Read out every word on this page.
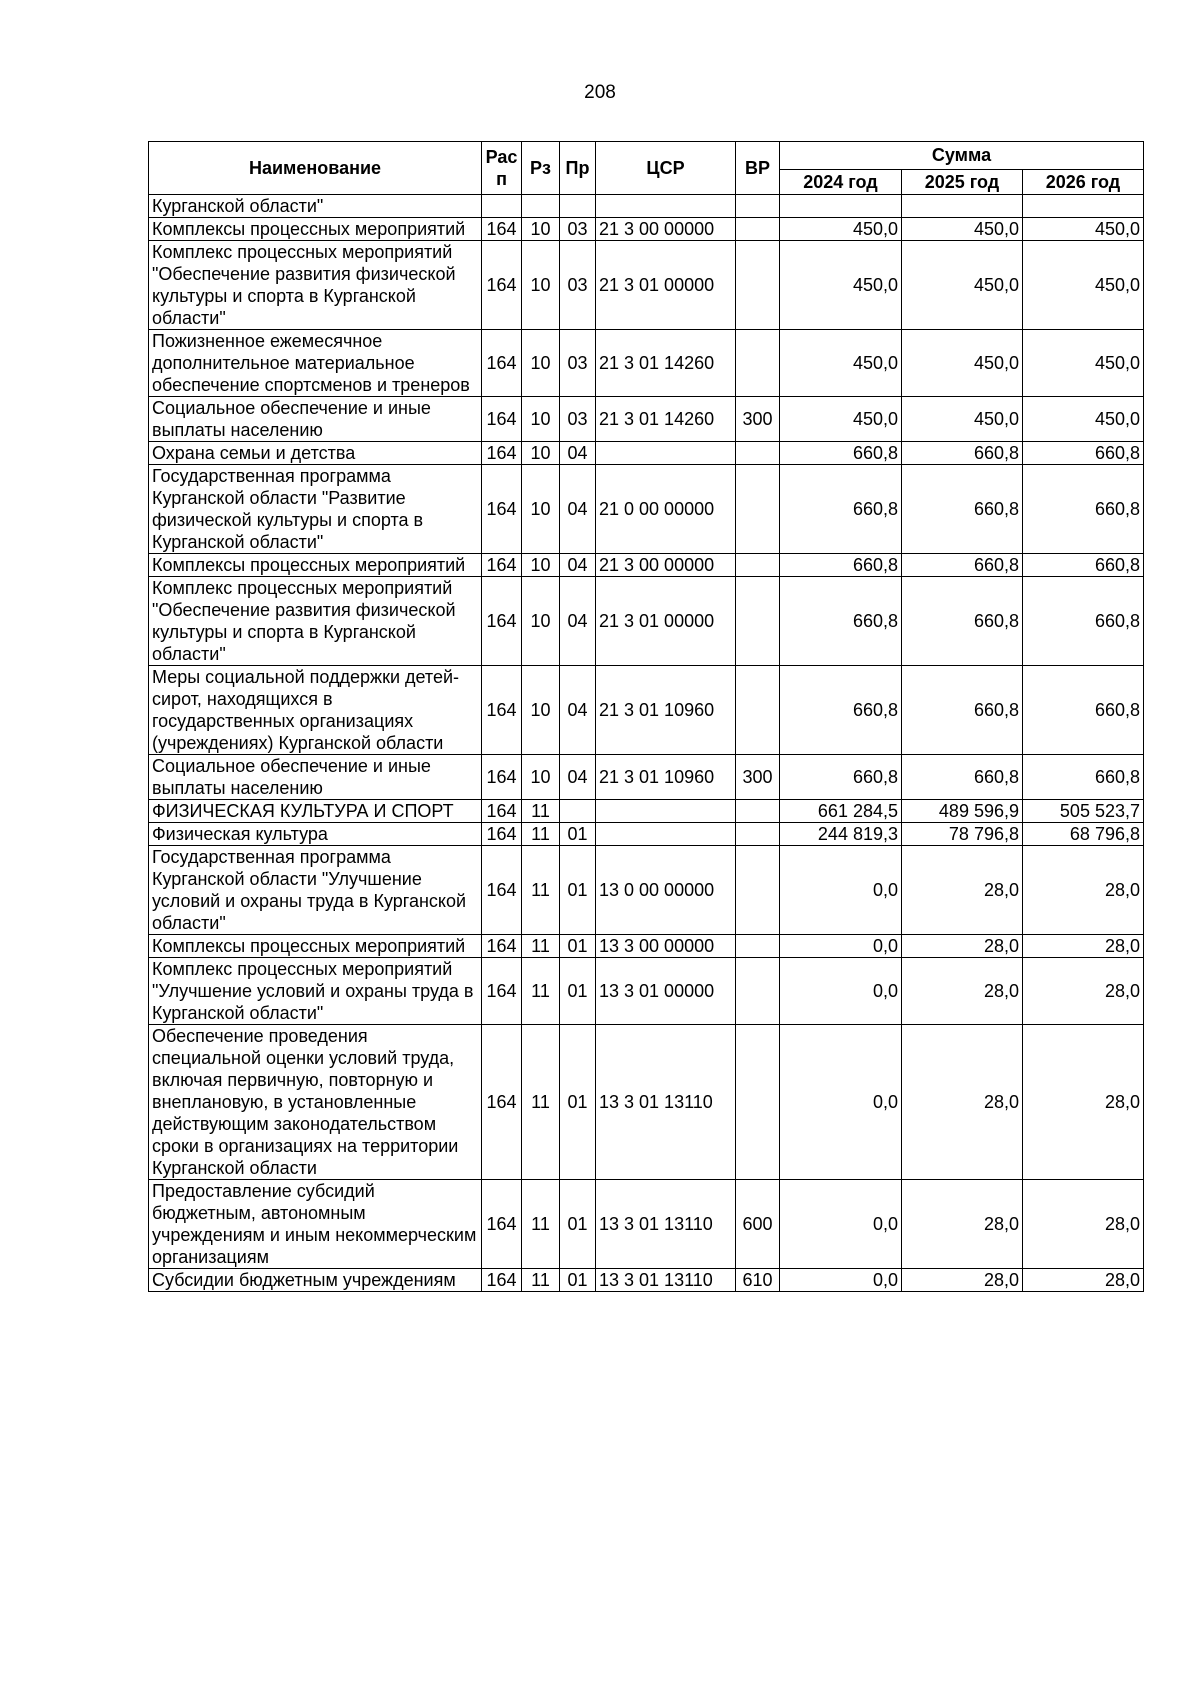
208
Наименование	Рас п	Рз	Пр	ЦСР	ВР	Сумма		
						2024 год	2025 год	2026 год
Курганской области"								
Комплексы процессных мероприятий	164	10	03	21 3 00 00000		450,0	450,0	450,0
Комплекс процессных мероприятий "Обеспечение развития физической культуры и спорта в Курганской области"	164	10	03	21 3 01 00000		450,0	450,0	450,0
Пожизненное ежемесячное дополнительное материальное обеспечение спортсменов и тренеров	164	10	03	21 3 01 14260		450,0	450,0	450,0
Социальное обеспечение и иные выплаты населению	164	10	03	21 3 01 14260	300	450,0	450,0	450,0
Охрана семьи и детства	164	10	04			660,8	660,8	660,8
Государственная программа Курганской области "Развитие физической культуры и спорта в Курганской области"	164	10	04	21 0 00 00000		660,8	660,8	660,8
Комплексы процессных мероприятий	164	10	04	21 3 00 00000		660,8	660,8	660,8
Комплекс процессных мероприятий "Обеспечение развития физической культуры и спорта в Курганской области"	164	10	04	21 3 01 00000		660,8	660,8	660,8
Меры социальной поддержки детей-сирот, находящихся в государственных организациях (учреждениях) Курганской области	164	10	04	21 3 01 10960		660,8	660,8	660,8
Социальное обеспечение и иные выплаты населению	164	10	04	21 3 01 10960	300	660,8	660,8	660,8
ФИЗИЧЕСКАЯ КУЛЬТУРА И СПОРТ	164	11				661 284,5	489 596,9	505 523,7
Физическая культура	164	11	01			244 819,3	78 796,8	68 796,8
Государственная программа Курганской области "Улучшение условий и охраны труда в Курганской области"	164	11	01	13 0 00 00000		0,0	28,0	28,0
Комплексы процессных мероприятий	164	11	01	13 3 00 00000		0,0	28,0	28,0
Комплекс процессных мероприятий "Улучшение условий и охраны труда в Курганской области"	164	11	01	13 3 01 00000		0,0	28,0	28,0
Обеспечение проведения специальной оценки условий труда, включая первичную, повторную и внеплановую, в установленные действующим законодательством сроки в организациях на территории Курганской области	164	11	01	13 3 01 13110		0,0	28,0	28,0
Предоставление субсидий бюджетным, автономным учреждениям и иным некоммерческим организациям	164	11	01	13 3 01 13110	600	0,0	28,0	28,0
Субсидии бюджетным учреждениям	164	11	01	13 3 01 13110	610	0,0	28,0	28,0
